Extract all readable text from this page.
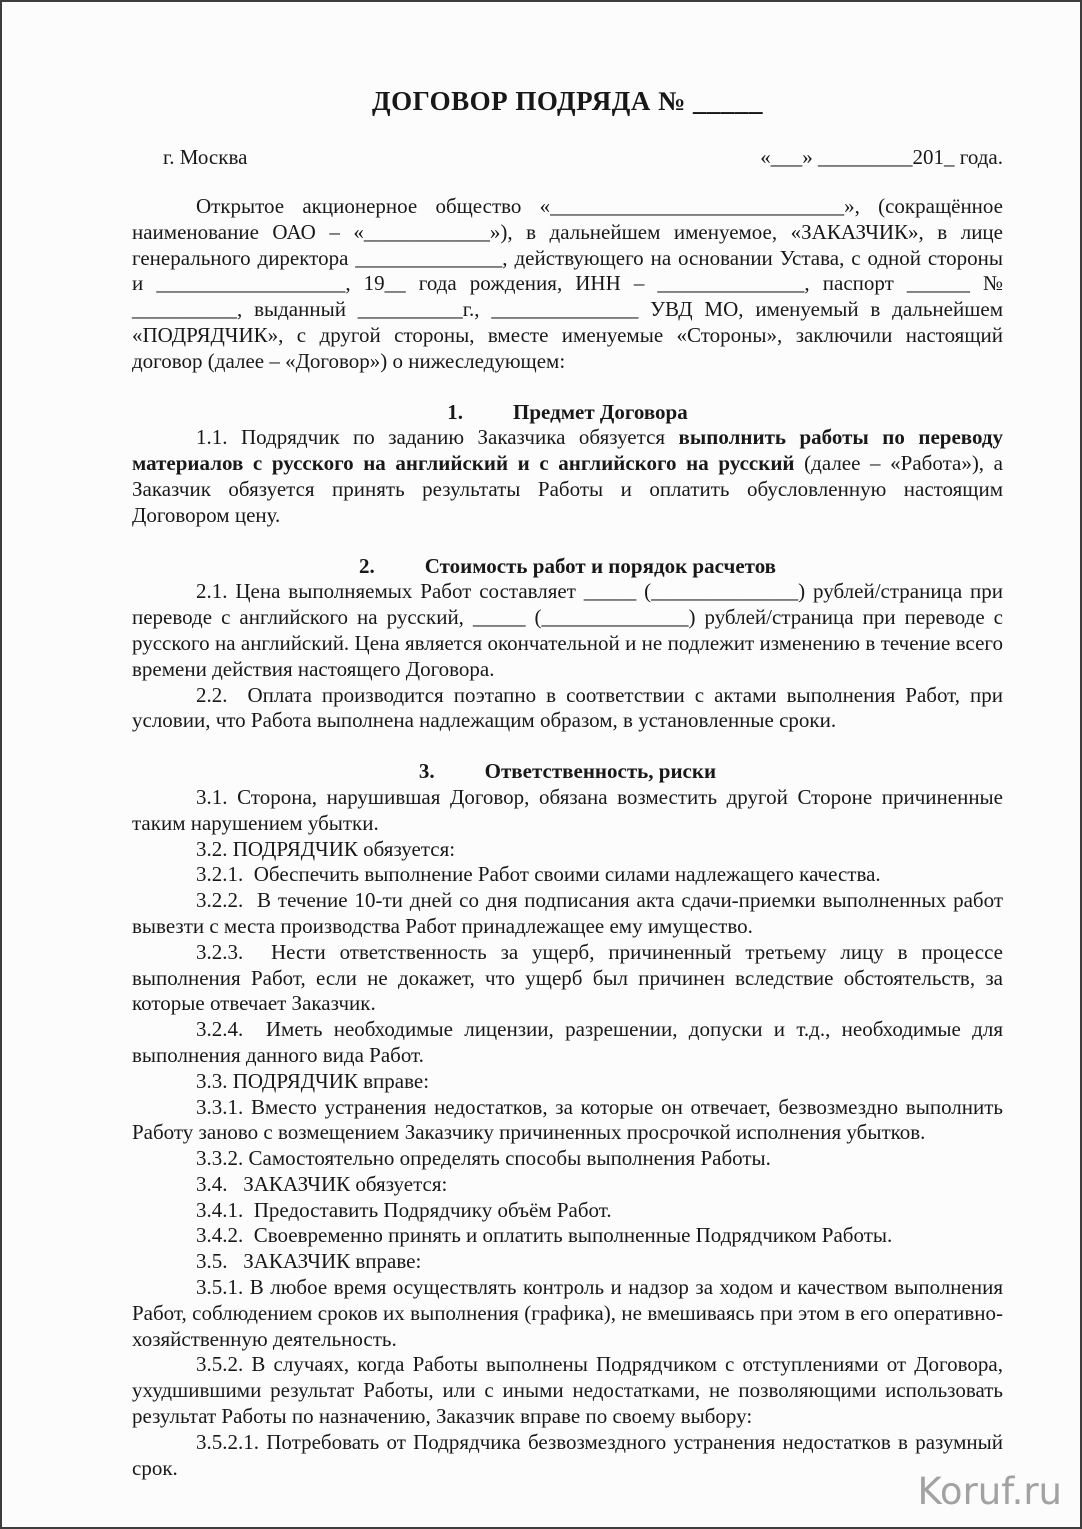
ДОГОВОР ПОДРЯДА № _____
г. Москва	«___» _________201_ года.

Открытое акционерное общество «____________________________», (сокращённое наименование ОАО – «____________»), в дальнейшем именуемое, «ЗАКАЗЧИК», в лице генерального директора ______________, действующего на основании Устава, с одной стороны и __________________, 19__ года рождения, ИНН – ______________, паспорт ______ № __________, выданный __________г., ______________ УВД МО, именуемый в дальнейшем «ПОДРЯДЧИК», с другой стороны, вместе именуемые «Стороны», заключили настоящий договор (далее – «Договор») о нижеследующем:

1. Предмет Договора

1.1. Подрядчик по заданию Заказчика обязуется выполнить работы по переводу материалов с русского на английский и с английского на русский (далее – «Работа»), а Заказчик обязуется принять результаты Работы и оплатить обусловленную настоящим Договором цену.

2. Стоимость работ и порядок расчетов

2.1. Цена выполняемых Работ составляет _____ (______________) рублей/страница при переводе с английского на русский, _____ (______________) рублей/страница при переводе с русского на английский. Цена является окончательной и не подлежит изменению в течение всего времени действия настоящего Договора.

2.2.  Оплата производится поэтапно в соответствии с актами выполнения Работ, при условии, что Работа выполнена надлежащим образом, в установленные сроки.

3. Ответственность, риски

3.1. Сторона, нарушившая Договор, обязана возместить другой Стороне причиненные таким нарушением убытки.

3.2. ПОДРЯДЧИК обязуется:

3.2.1.  Обеспечить выполнение Работ своими силами надлежащего качества.

3.2.2.  В течение 10-ти дней со дня подписания акта сдачи-приемки выполненных работ вывезти с места производства Работ принадлежащее ему имущество.

3.2.3.  Нести ответственность за ущерб, причиненный третьему лицу в процессе выполнения Работ, если не докажет, что ущерб был причинен вследствие обстоятельств, за которые отвечает Заказчик.

3.2.4.  Иметь необходимые лицензии, разрешении, допуски и т.д., необходимые для выполнения данного вида Работ.

3.3. ПОДРЯДЧИК вправе:

3.3.1. Вместо устранения недостатков, за которые он отвечает, безвозмездно выполнить Работу заново с возмещением Заказчику причиненных просрочкой исполнения убытков.

3.3.2. Самостоятельно определять способы выполнения Работы.

3.4.   ЗАКАЗЧИК обязуется:

3.4.1.  Предоставить Подрядчику объём Работ.

3.4.2.  Своевременно принять и оплатить выполненные Подрядчиком Работы.

3.5.   ЗАКАЗЧИК вправе:

3.5.1. В любое время осуществлять контроль и надзор за ходом и качеством выполнения Работ, соблюдением сроков их выполнения (графика), не вмешиваясь при этом в его оперативно-хозяйственную деятельность.

3.5.2. В случаях, когда Работы выполнены Подрядчиком с отступлениями от Договора, ухудшившими результат Работы, или с иными недостатками, не позволяющими использовать результат Работы по назначению, Заказчик вправе по своему выбору:

3.5.2.1. Потребовать от Подрядчика безвозмездного устранения недостатков в разумный срок.

Koruf.ru
